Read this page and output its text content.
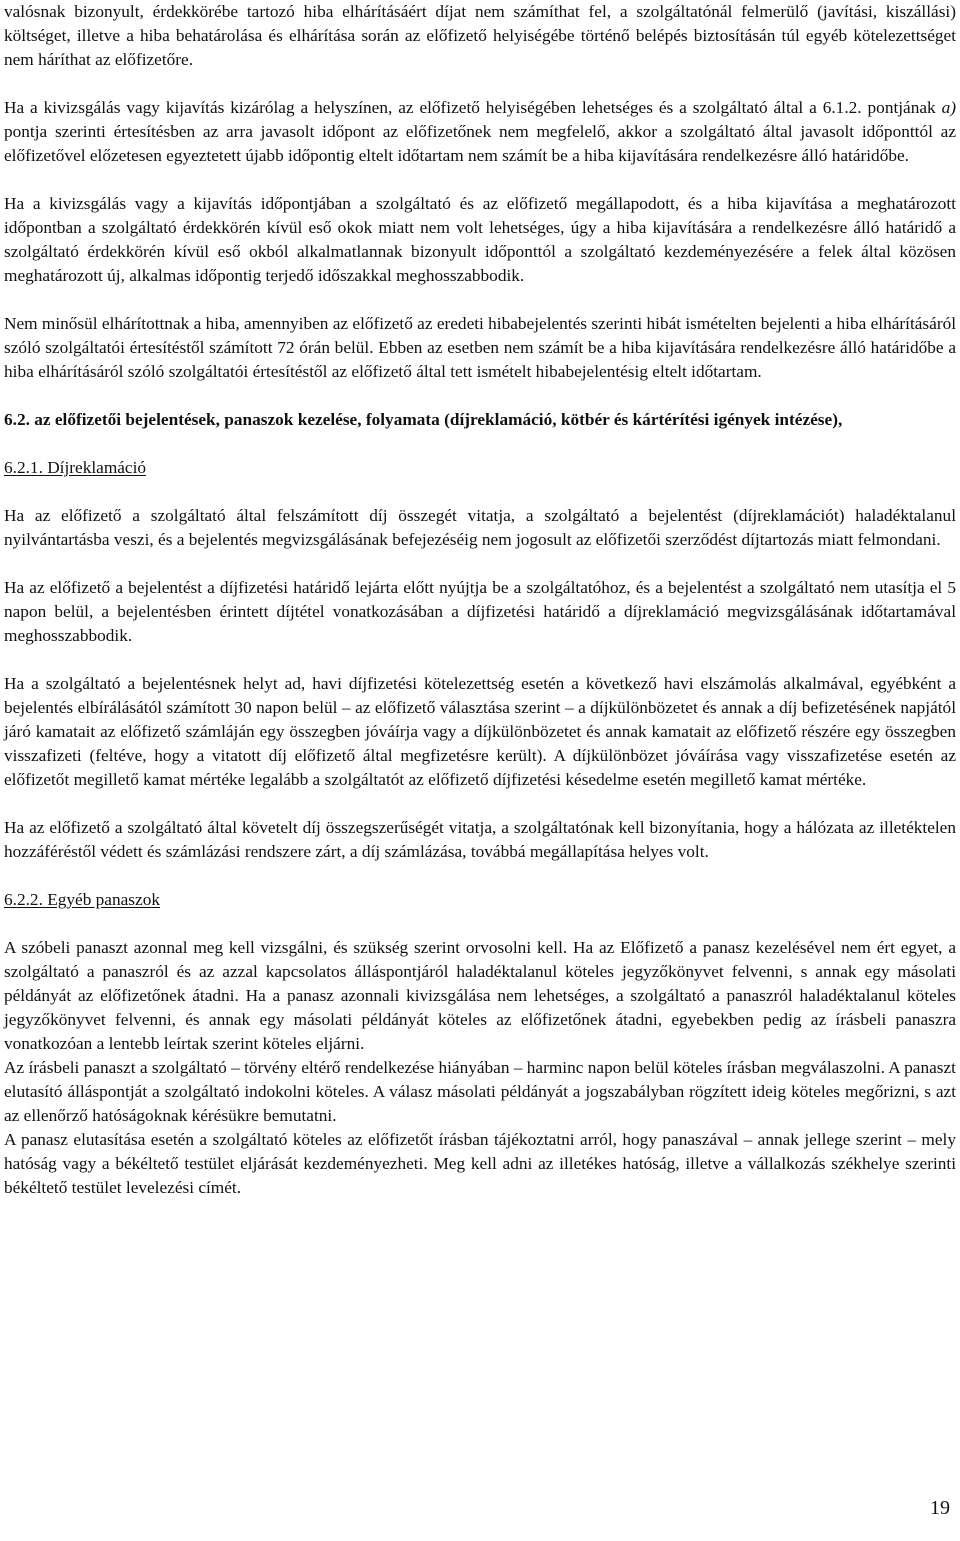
valósnak bizonyult, érdekkörébe tartozó hiba elhárításáért díjat nem számíthat fel, a szolgáltatónál felmerülő (javítási, kiszállási) költséget, illetve a hiba behatárolása és elhárítása során az előfizető helyiségébe történő belépés biztosításán túl egyéb kötelezettséget nem háríthat az előfizetőre.

Ha a kivizsgálás vagy kijavítás kizárólag a helyszínen, az előfizető helyiségében lehetséges és a szolgáltató által a 6.1.2. pontjának a) pontja szerinti értesítésben az arra javasolt időpont az előfizetőnek nem megfelelő, akkor a szolgáltató által javasolt időponttól az előfizetővel előzetesen egyeztetett újabb időpontig eltelt időtartam nem számít be a hiba kijavítására rendelkezésre álló határidőbe.

Ha a kivizsgálás vagy a kijavítás időpontjában a szolgáltató és az előfizető megállapodott, és a hiba kijavítása a meghatározott időpontban a szolgáltató érdekkörén kívül eső okok miatt nem volt lehetséges, úgy a hiba kijavítására a rendelkezésre álló határidő a szolgáltató érdekkörén kívül eső okból alkalmatlannak bizonyult időponttól a szolgáltató kezdeményezésére a felek által közösen meghatározott új, alkalmas időpontig terjedő időszakkal meghosszabbodik.

Nem minősül elhárítottnak a hiba, amennyiben az előfizető az eredeti hibabejelentés szerinti hibát ismételten bejelenti a hiba elhárításáról szóló szolgáltatói értesítéstől számított 72 órán belül. Ebben az esetben nem számít be a hiba kijavítására rendelkezésre álló határidőbe a hiba elhárításáról szóló szolgáltatói értesítéstől az előfizető által tett ismételt hibabejelentésig eltelt időtartam.

6.2. az előfizetői bejelentések, panaszok kezelése, folyamata (díjreklamáció, kötbér és kártérítési igények intézése),

6.2.1. Díjreklamáció

Ha az előfizető a szolgáltató által felszámított díj összegét vitatja, a szolgáltató a bejelentést (díjreklamációt) haladéktalanul nyilvántartásba veszi, és a bejelentés megvizsgálásának befejezéséig nem jogosult az előfizetői szerződést díjtartozás miatt felmondani.

Ha az előfizető a bejelentést a díjfizetési határidő lejárta előtt nyújtja be a szolgáltatóhoz, és a bejelentést a szolgáltató nem utasítja el 5 napon belül, a bejelentésben érintett díjtétel vonatkozásában a díjfizetési határidő a díjreklamáció megvizsgálásának időtartamával meghosszabbodik.

Ha a szolgáltató a bejelentésnek helyt ad, havi díjfizetési kötelezettség esetén a következő havi elszámolás alkalmával, egyébként a bejelentés elbírálásától számított 30 napon belül – az előfizető választása szerint – a díjkülönbözetet és annak a díj befizetésének napjától járó kamatait az előfizető számláján egy összegben jóváírja vagy a díjkülönbözetet és annak kamatait az előfizető részére egy összegben visszafizeti (feltéve, hogy a vitatott díj előfizető által megfizetésre került). A díjkülönbözet jóváírása vagy visszafizetése esetén az előfizetőt megillető kamat mértéke legalább a szolgáltatót az előfizető díjfizetési késedelme esetén megillető kamat mértéke.

Ha az előfizető a szolgáltató által követelt díj összegszerűségét vitatja, a szolgáltatónak kell bizonyítania, hogy a hálózata az illetéktelen hozzáféréstől védett és számlázási rendszere zárt, a díj számlázása, továbbá megállapítása helyes volt.

6.2.2. Egyéb panaszok

A szóbeli panaszt azonnal meg kell vizsgálni, és szükség szerint orvosolni kell. Ha az Előfizető a panasz kezelésével nem ért egyet, a szolgáltató a panaszról és az azzal kapcsolatos álláspontjáról haladéktalanul köteles jegyzőkönyvet felvenni, s annak egy másolati példányát az előfizetőnek átadni. Ha a panasz azonnali kivizsgálása nem lehetséges, a szolgáltató a panaszról haladéktalanul köteles jegyzőkönyvet felvenni, és annak egy másolati példányát köteles az előfizetőnek átadni, egyebekben pedig az írásbeli panaszra vonatkozóan a lentebb leírtak szerint köteles eljárni.

Az írásbeli panaszt a szolgáltató – törvény eltérő rendelkezése hiányában – harminc napon belül köteles írásban megválaszolni. A panaszt elutasító álláspontját a szolgáltató indokolni köteles. A válasz másolati példányát a jogszabályban rögzített ideig köteles megőrizni, s azt az ellenőrző hatóságoknak kérésükre bemutatni.

A panasz elutasítása esetén a szolgáltató köteles az előfizetőt írásban tájékoztatni arról, hogy panaszával – annak jellege szerint – mely hatóság vagy a békéltető testület eljárását kezdeményezheti. Meg kell adni az illetékes hatóság, illetve a vállalkozás székhelye szerinti békéltető testület levelezési címét.

19
